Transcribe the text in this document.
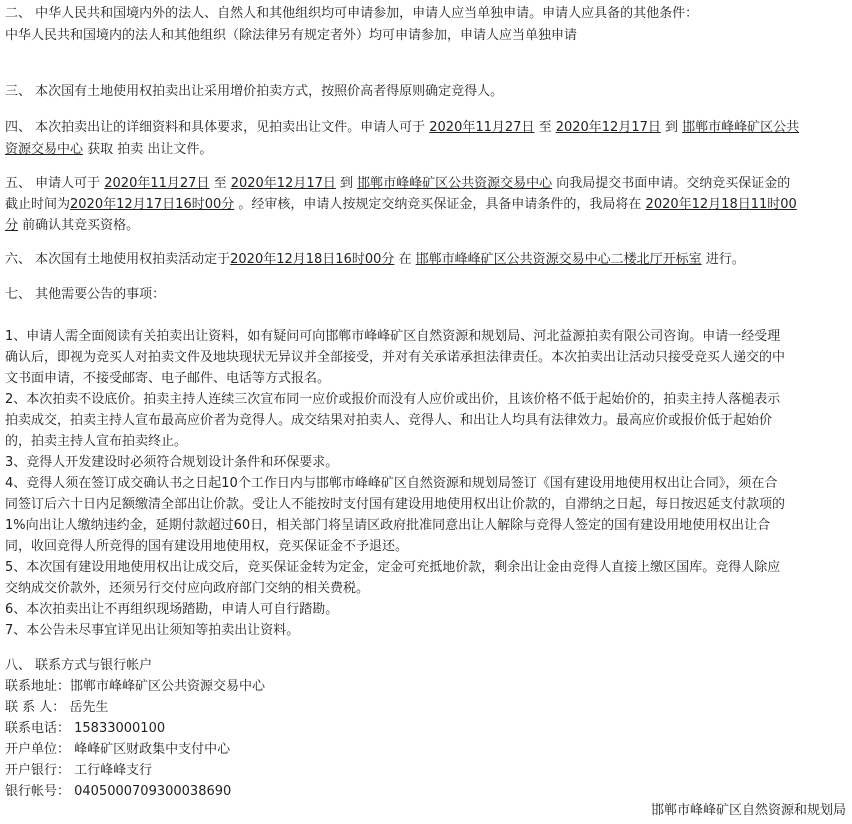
二、 中华人民共和国境内外的法人、自然人和其他组织均可申请参加，申请人应当单独申请。申请人应具备的其他条件：
中华人民共和国境内的法人和其他组织（除法律另有规定者外）均可申请参加，申请人应当单独申请
三、 本次国有土地使用权拍卖出让采用增价拍卖方式，按照价高者得原则确定竞得人。
四、 本次拍卖出让的详细资料和具体要求，见拍卖出让文件。申请人可于 2020年11月27日 至 2020年12月17日 到 邯郸市峰峰矿区公共
资源交易中心 获取 拍卖 出让文件。
五、 申请人可于 2020年11月27日 至 2020年12月17日 到 邯郸市峰峰矿区公共资源交易中心 向我局提交书面申请。交纳竞买保证金的
截止时间为2020年12月17日16时00分 。经审核，申请人按规定交纳竞买保证金，具备申请条件的，我局将在 2020年12月18日11时00
分 前确认其竞买资格。
六、 本次国有土地使用权拍卖活动定于2020年12月18日16时00分 在 邯郸市峰峰矿区公共资源交易中心二楼北厅开标室 进行。
七、 其他需要公告的事项：
1、申请人需全面阅读有关拍卖出让资料，如有疑问可向邯郸市峰峰矿区自然资源和规划局、河北益源拍卖有限公司咨询。申请一经受理
确认后，即视为竞买人对拍卖文件及地块现状无异议并全部接受，并对有关承诺承担法律责任。本次拍卖出让活动只接受竞买人递交的中
文书面申请，不接受邮寄、电子邮件、电话等方式报名。
2、本次拍卖不设底价。拍卖主持人连续三次宣布同一应价或报价而没有人应价或出价，且该价格不低于起始价的，拍卖主持人落槌表示
拍卖成交，拍卖主持人宣布最高应价者为竞得人。成交结果对拍卖人、竞得人、和出让人均具有法律效力。最高应价或报价低于起始价
的，拍卖主持人宣布拍卖终止。
3、竞得人开发建设时必须符合规划设计条件和环保要求。
4、竞得人须在签订成交确认书之日起10个工作日内与邯郸市峰峰矿区自然资源和规划局签订《国有建设用地使用权出让合同》，须在合
同签订后六十日内足额缴清全部出让价款。受让人不能按时支付国有建设用地使用权出让价款的，自滞纳之日起，每日按迟延支付款项的
1%向出让人缴纳违约金，延期付款超过60日，相关部门将呈请区政府批准同意出让人解除与竞得人签定的国有建设用地使用权出让合
同，收回竞得人所竞得的国有建设用地使用权，竞买保证金不予退还。
5、本次国有建设用地使用权出让成交后，竞买保证金转为定金，定金可充抵地价款，剩余出让金由竞得人直接上缴区国库。竞得人除应
交纳成交价款外，还须另行交付应向政府部门交纳的相关费税。
6、本次拍卖出让不再组织现场踏勘，申请人可自行踏勘。
7、本公告未尽事宜详见出让须知等拍卖出让资料。
八、 联系方式与银行帐户
联系地址：邯郸市峰峰矿区公共资源交易中心
联 系 人： 岳先生
联系电话： 15833000100
开户单位： 峰峰矿区财政集中支付中心
开户银行： 工行峰峰支行
银行帐号： 0405000709300038690
邯郸市峰峰矿区自然资源和规划局
